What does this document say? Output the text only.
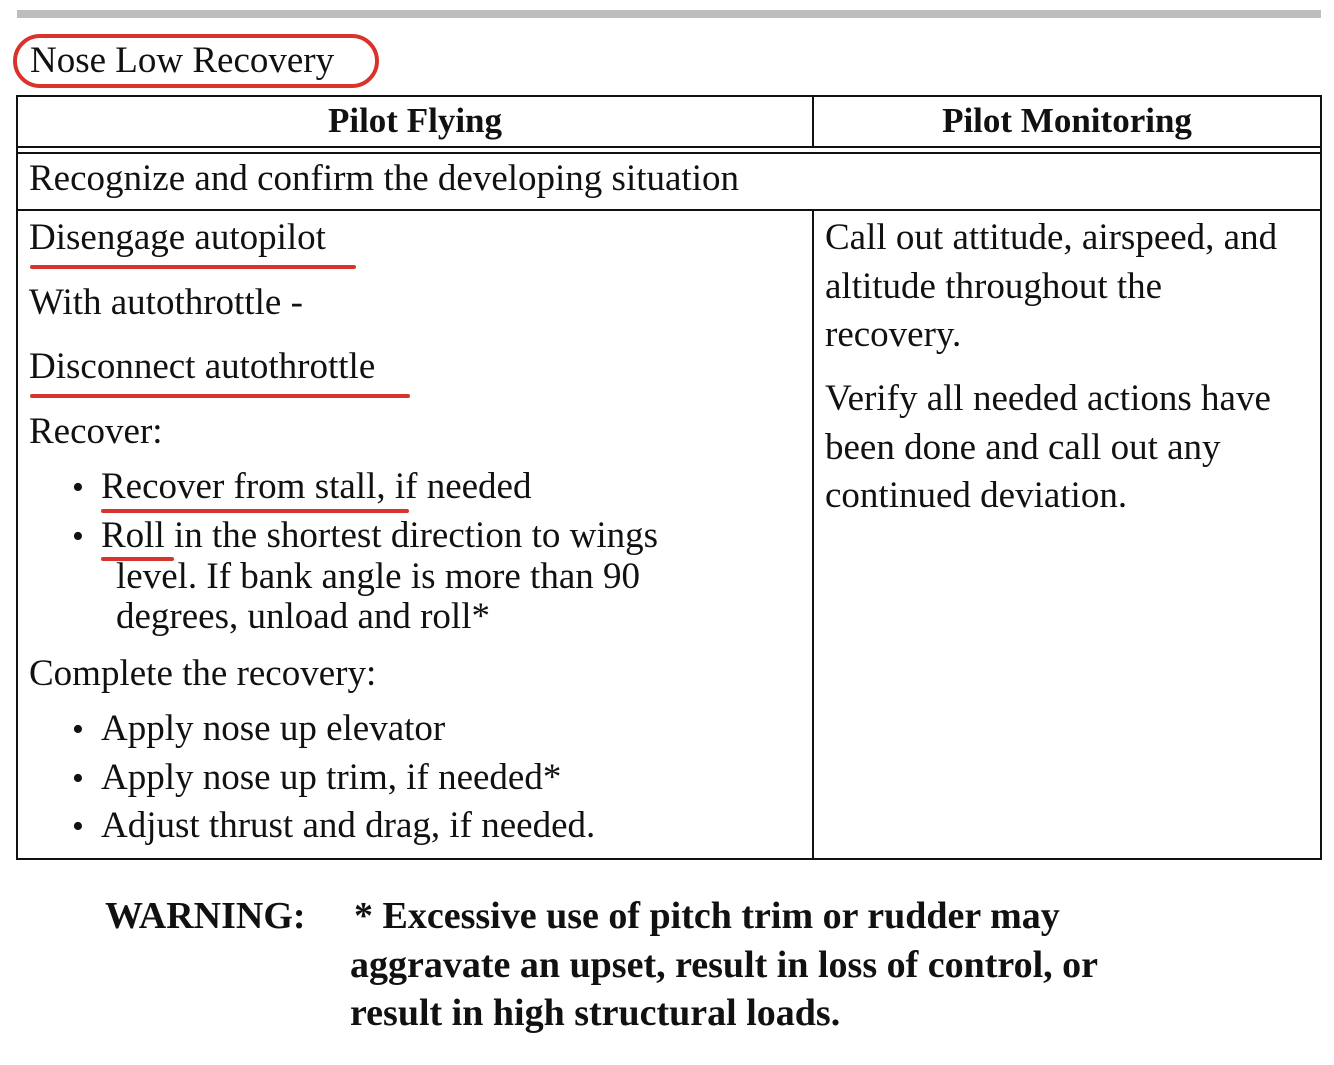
Nose Low Recovery
Pilot Flying	Pilot Monitoring
Recognize and confirm the developing situation
Disengage autopilot
With autothrottle -
Disconnect autothrottle
Recover:
• Recover from stall, if needed
• Roll in the shortest direction to wings
level. If bank angle is more than 90
degrees, unload and roll*
Complete the recovery:
• Apply nose up elevator
• Apply nose up trim, if needed*
• Adjust thrust and drag, if needed.
Call out attitude, airspeed, and
altitude throughout the
recovery.
Verify all needed actions have
been done and call out any
continued deviation.
WARNING: * Excessive use of pitch trim or rudder may
aggravate an upset, result in loss of control, or
result in high structural loads.
